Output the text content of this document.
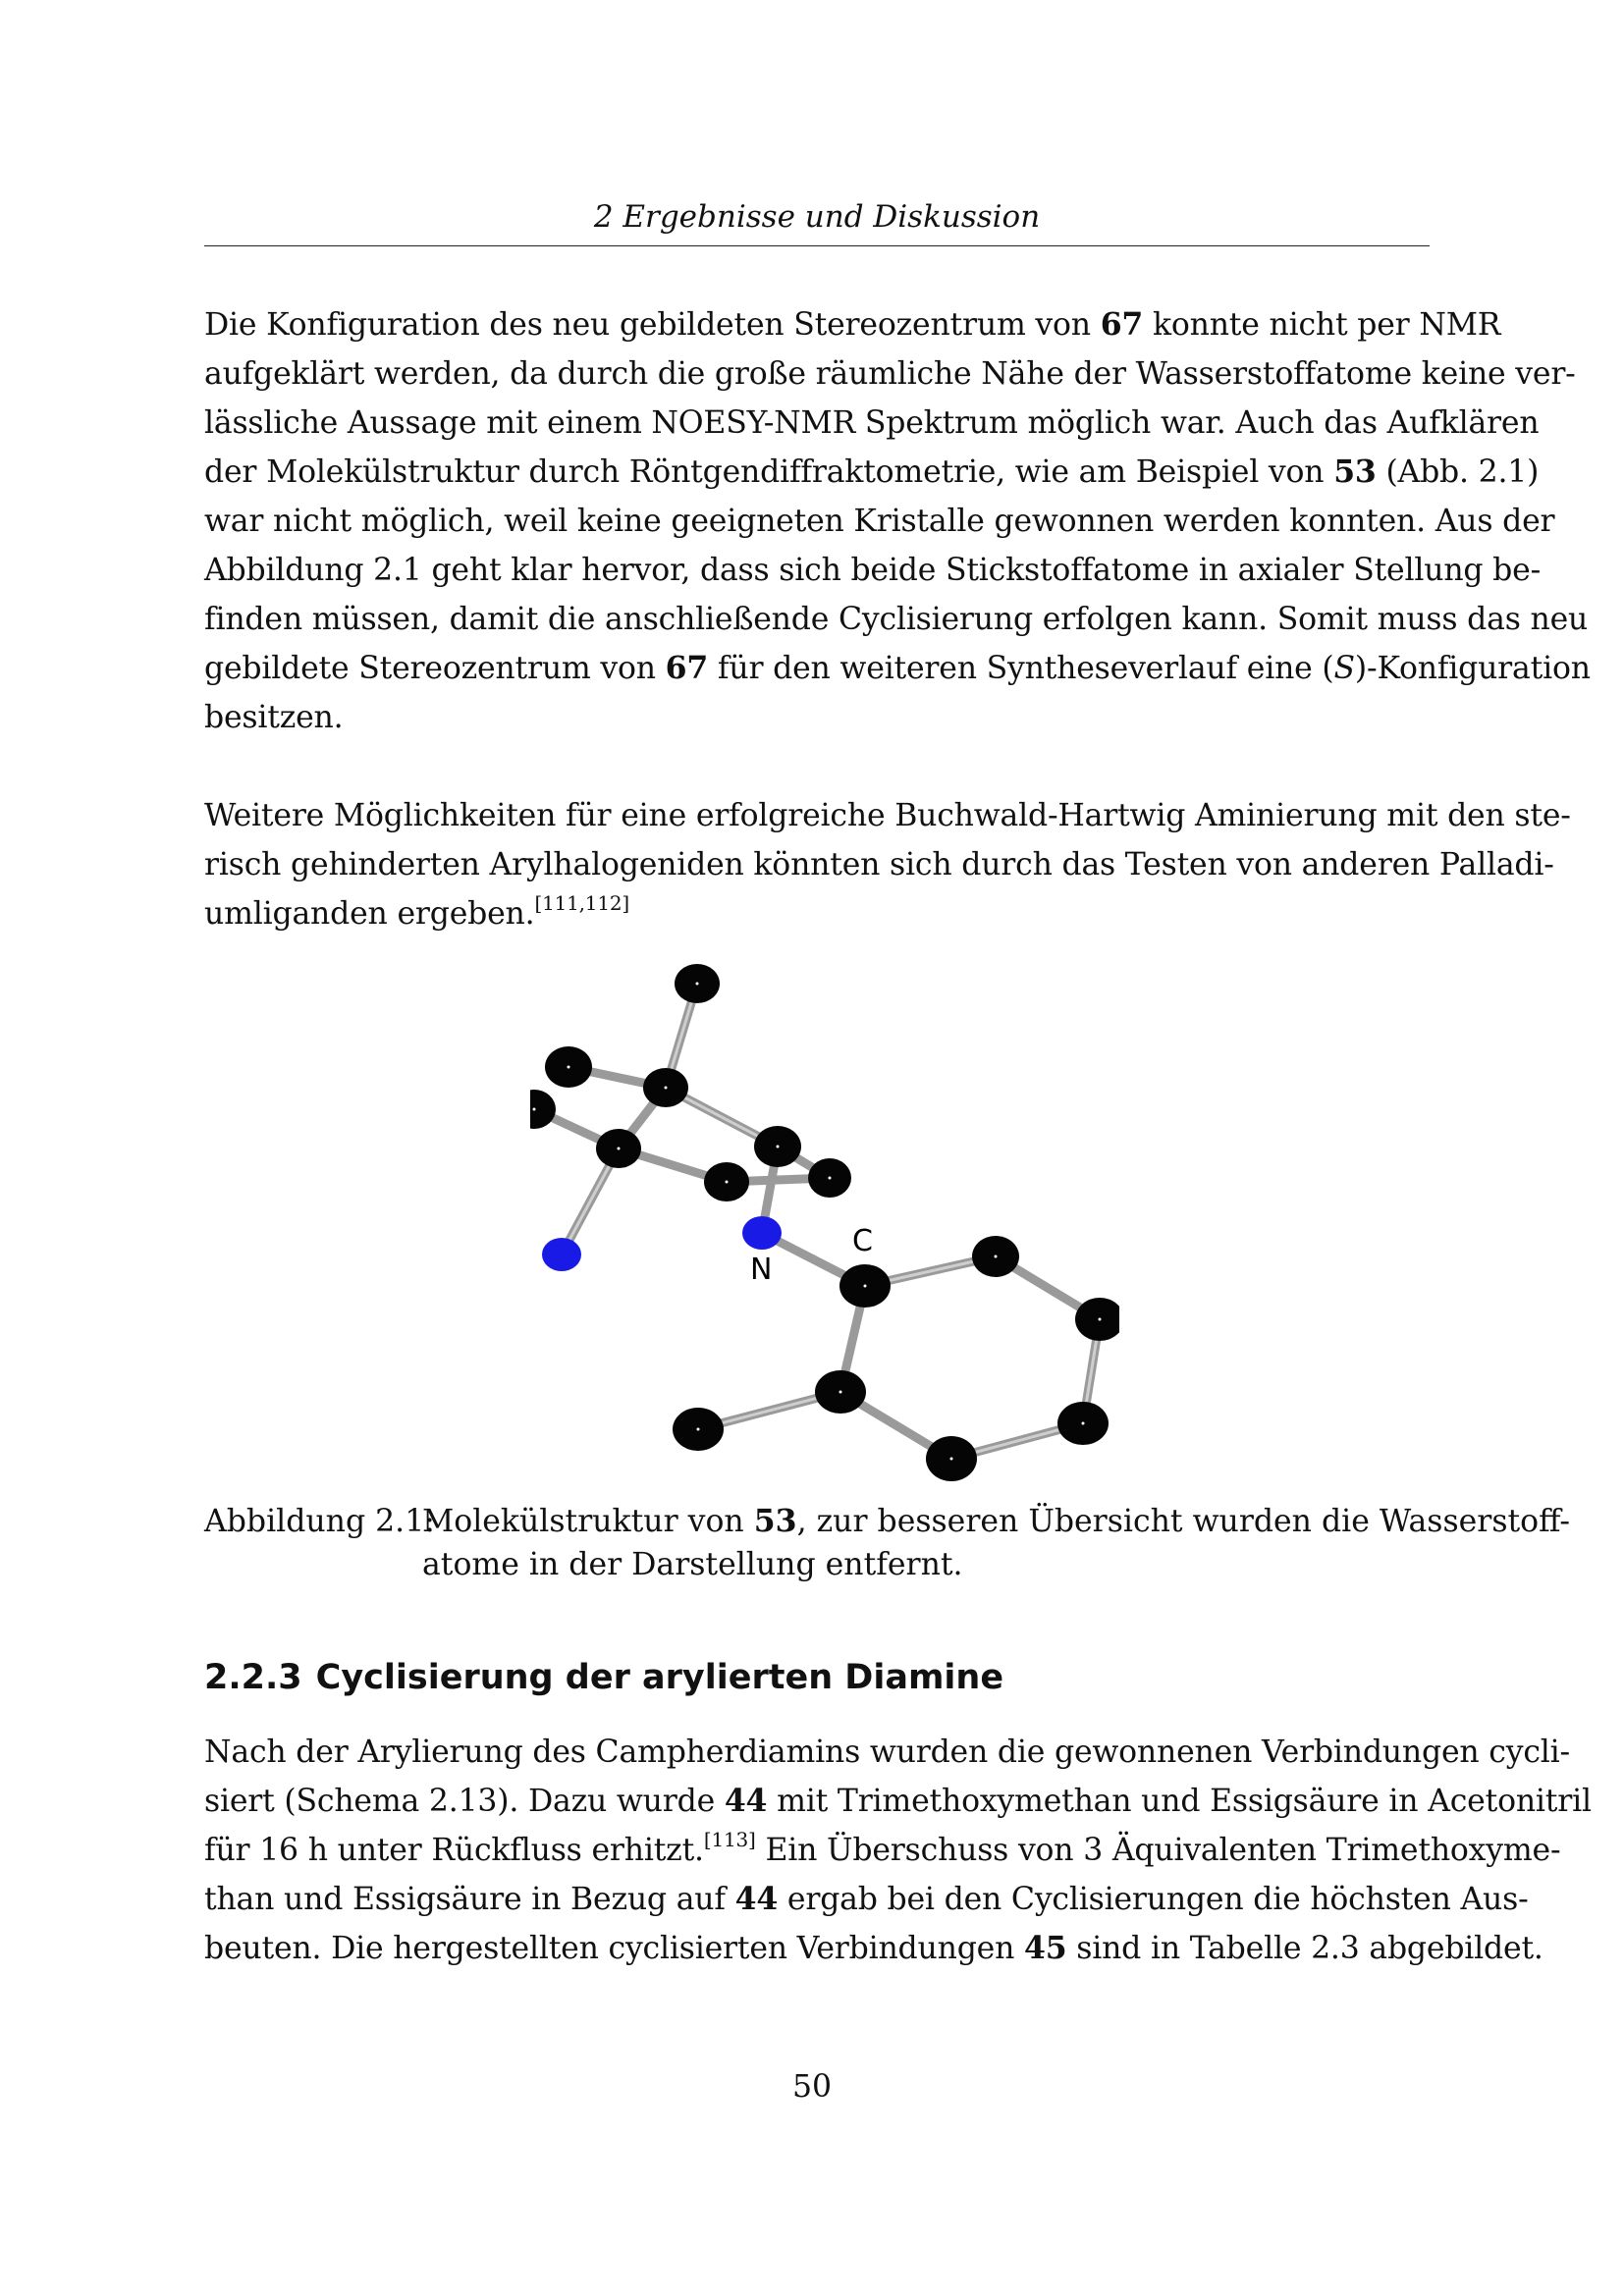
2 Ergebnisse und Diskussion
Die Konfiguration des neu gebildeten Stereozentrum von 67 konnte nicht per NMR
aufgeklärt werden, da durch die große räumliche Nähe der Wasserstoffatome keine ver-
lässliche Aussage mit einem NOESY-NMR Spektrum möglich war. Auch das Aufklären
der Molekülstruktur durch Röntgendiffraktometrie, wie am Beispiel von 53 (Abb. 2.1)
war nicht möglich, weil keine geeigneten Kristalle gewonnen werden konnten. Aus der
Abbildung 2.1 geht klar hervor, dass sich beide Stickstoffatome in axialer Stellung be-
finden müssen, damit die anschließende Cyclisierung erfolgen kann. Somit muss das neu
gebildete Stereozentrum von 67 für den weiteren Syntheseverlauf eine (S)-Konfiguration
besitzen.
Weitere Möglichkeiten für eine erfolgreiche Buchwald-Hartwig Aminierung mit den ste-
risch gehinderten Arylhalogeniden könnten sich durch das Testen von anderen Palladi-
umliganden ergeben.[111,112]
N
C
Abbildung 2.1:
Molekülstruktur von 53, zur besseren Übersicht wurden die Wasserstoff-
atome in der Darstellung entfernt.
2.2.3 Cyclisierung der arylierten Diamine
Nach der Arylierung des Campherdiamins wurden die gewonnenen Verbindungen cycli-
siert (Schema 2.13). Dazu wurde 44 mit Trimethoxymethan und Essigsäure in Acetonitril
für 16 h unter Rückfluss erhitzt.[113] Ein Überschuss von 3 Äquivalenten Trimethoxyme-
than und Essigsäure in Bezug auf 44 ergab bei den Cyclisierungen die höchsten Aus-
beuten. Die hergestellten cyclisierten Verbindungen 45 sind in Tabelle 2.3 abgebildet.
50
